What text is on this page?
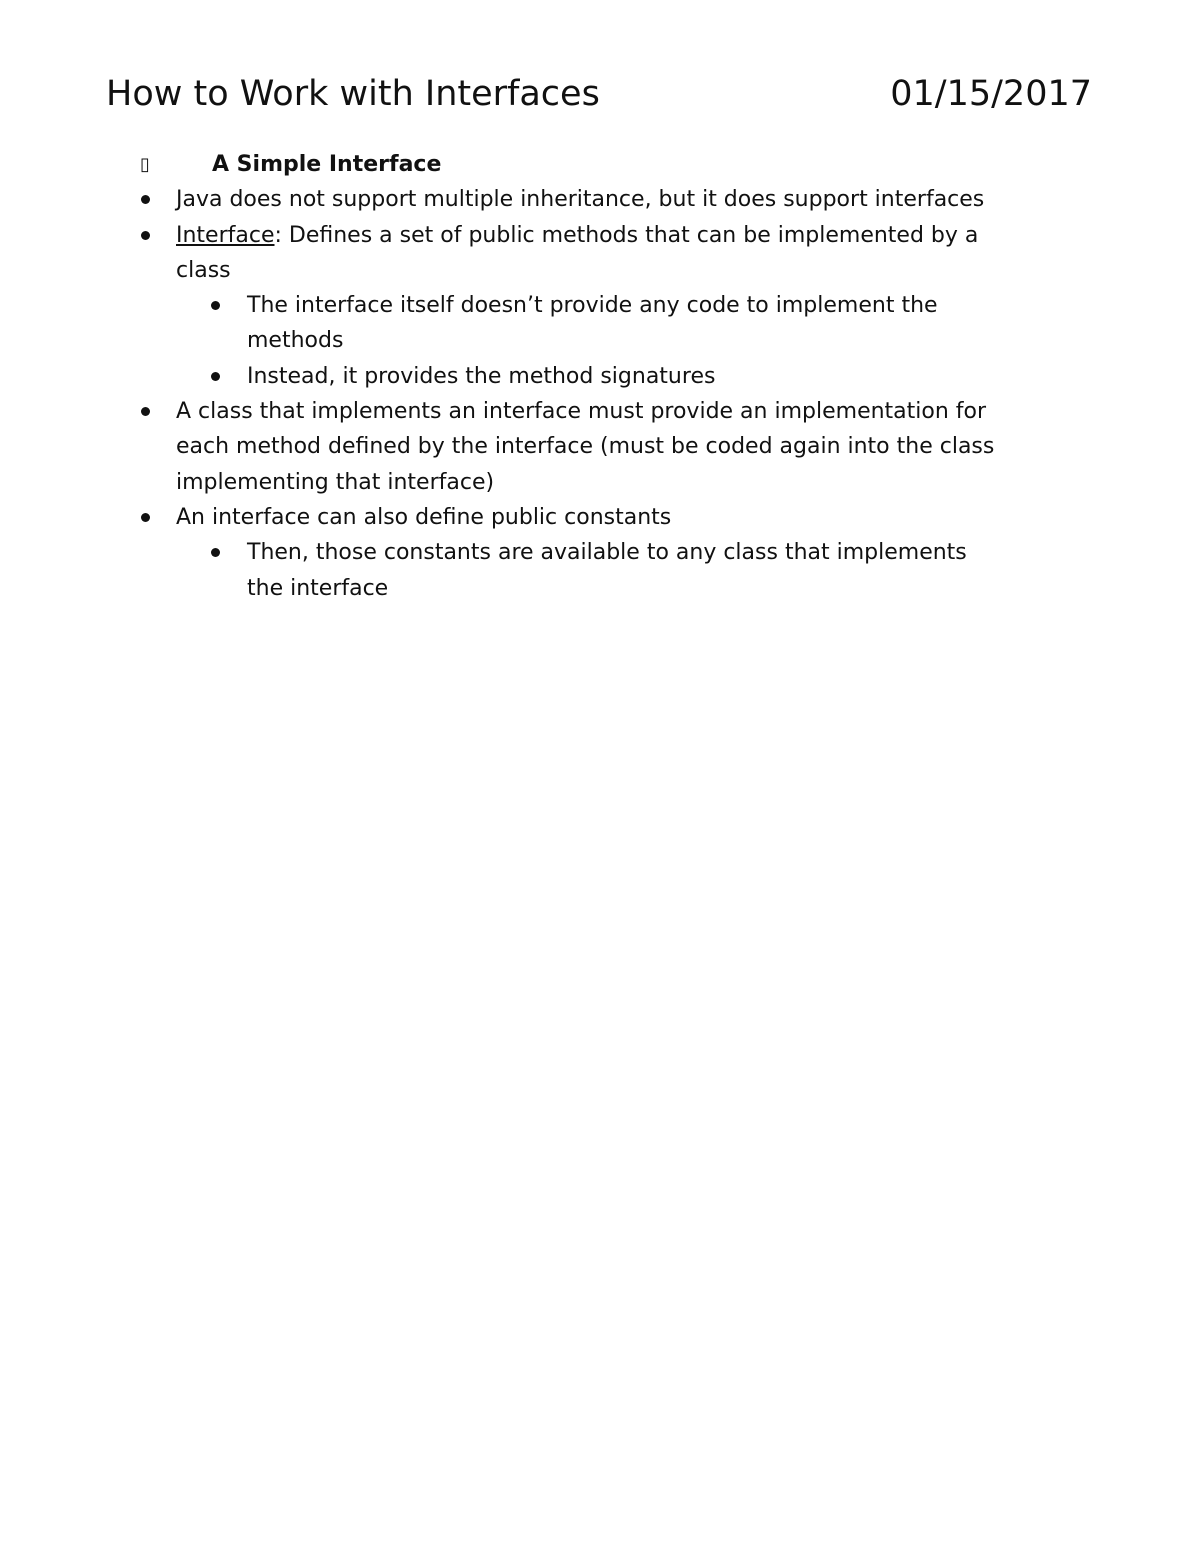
How to Work with Interfaces	01/15/2017
▯	A Simple Interface
Java does not support multiple inheritance, but it does support interfaces
Interface: Defines a set of public methods that can be implemented by a
class
The interface itself doesn’t provide any code to implement the
methods
Instead, it provides the method signatures
A class that implements an interface must provide an implementation for
each method defined by the interface (must be coded again into the class
implementing that interface)
An interface can also define public constants
Then, those constants are available to any class that implements
the interface
